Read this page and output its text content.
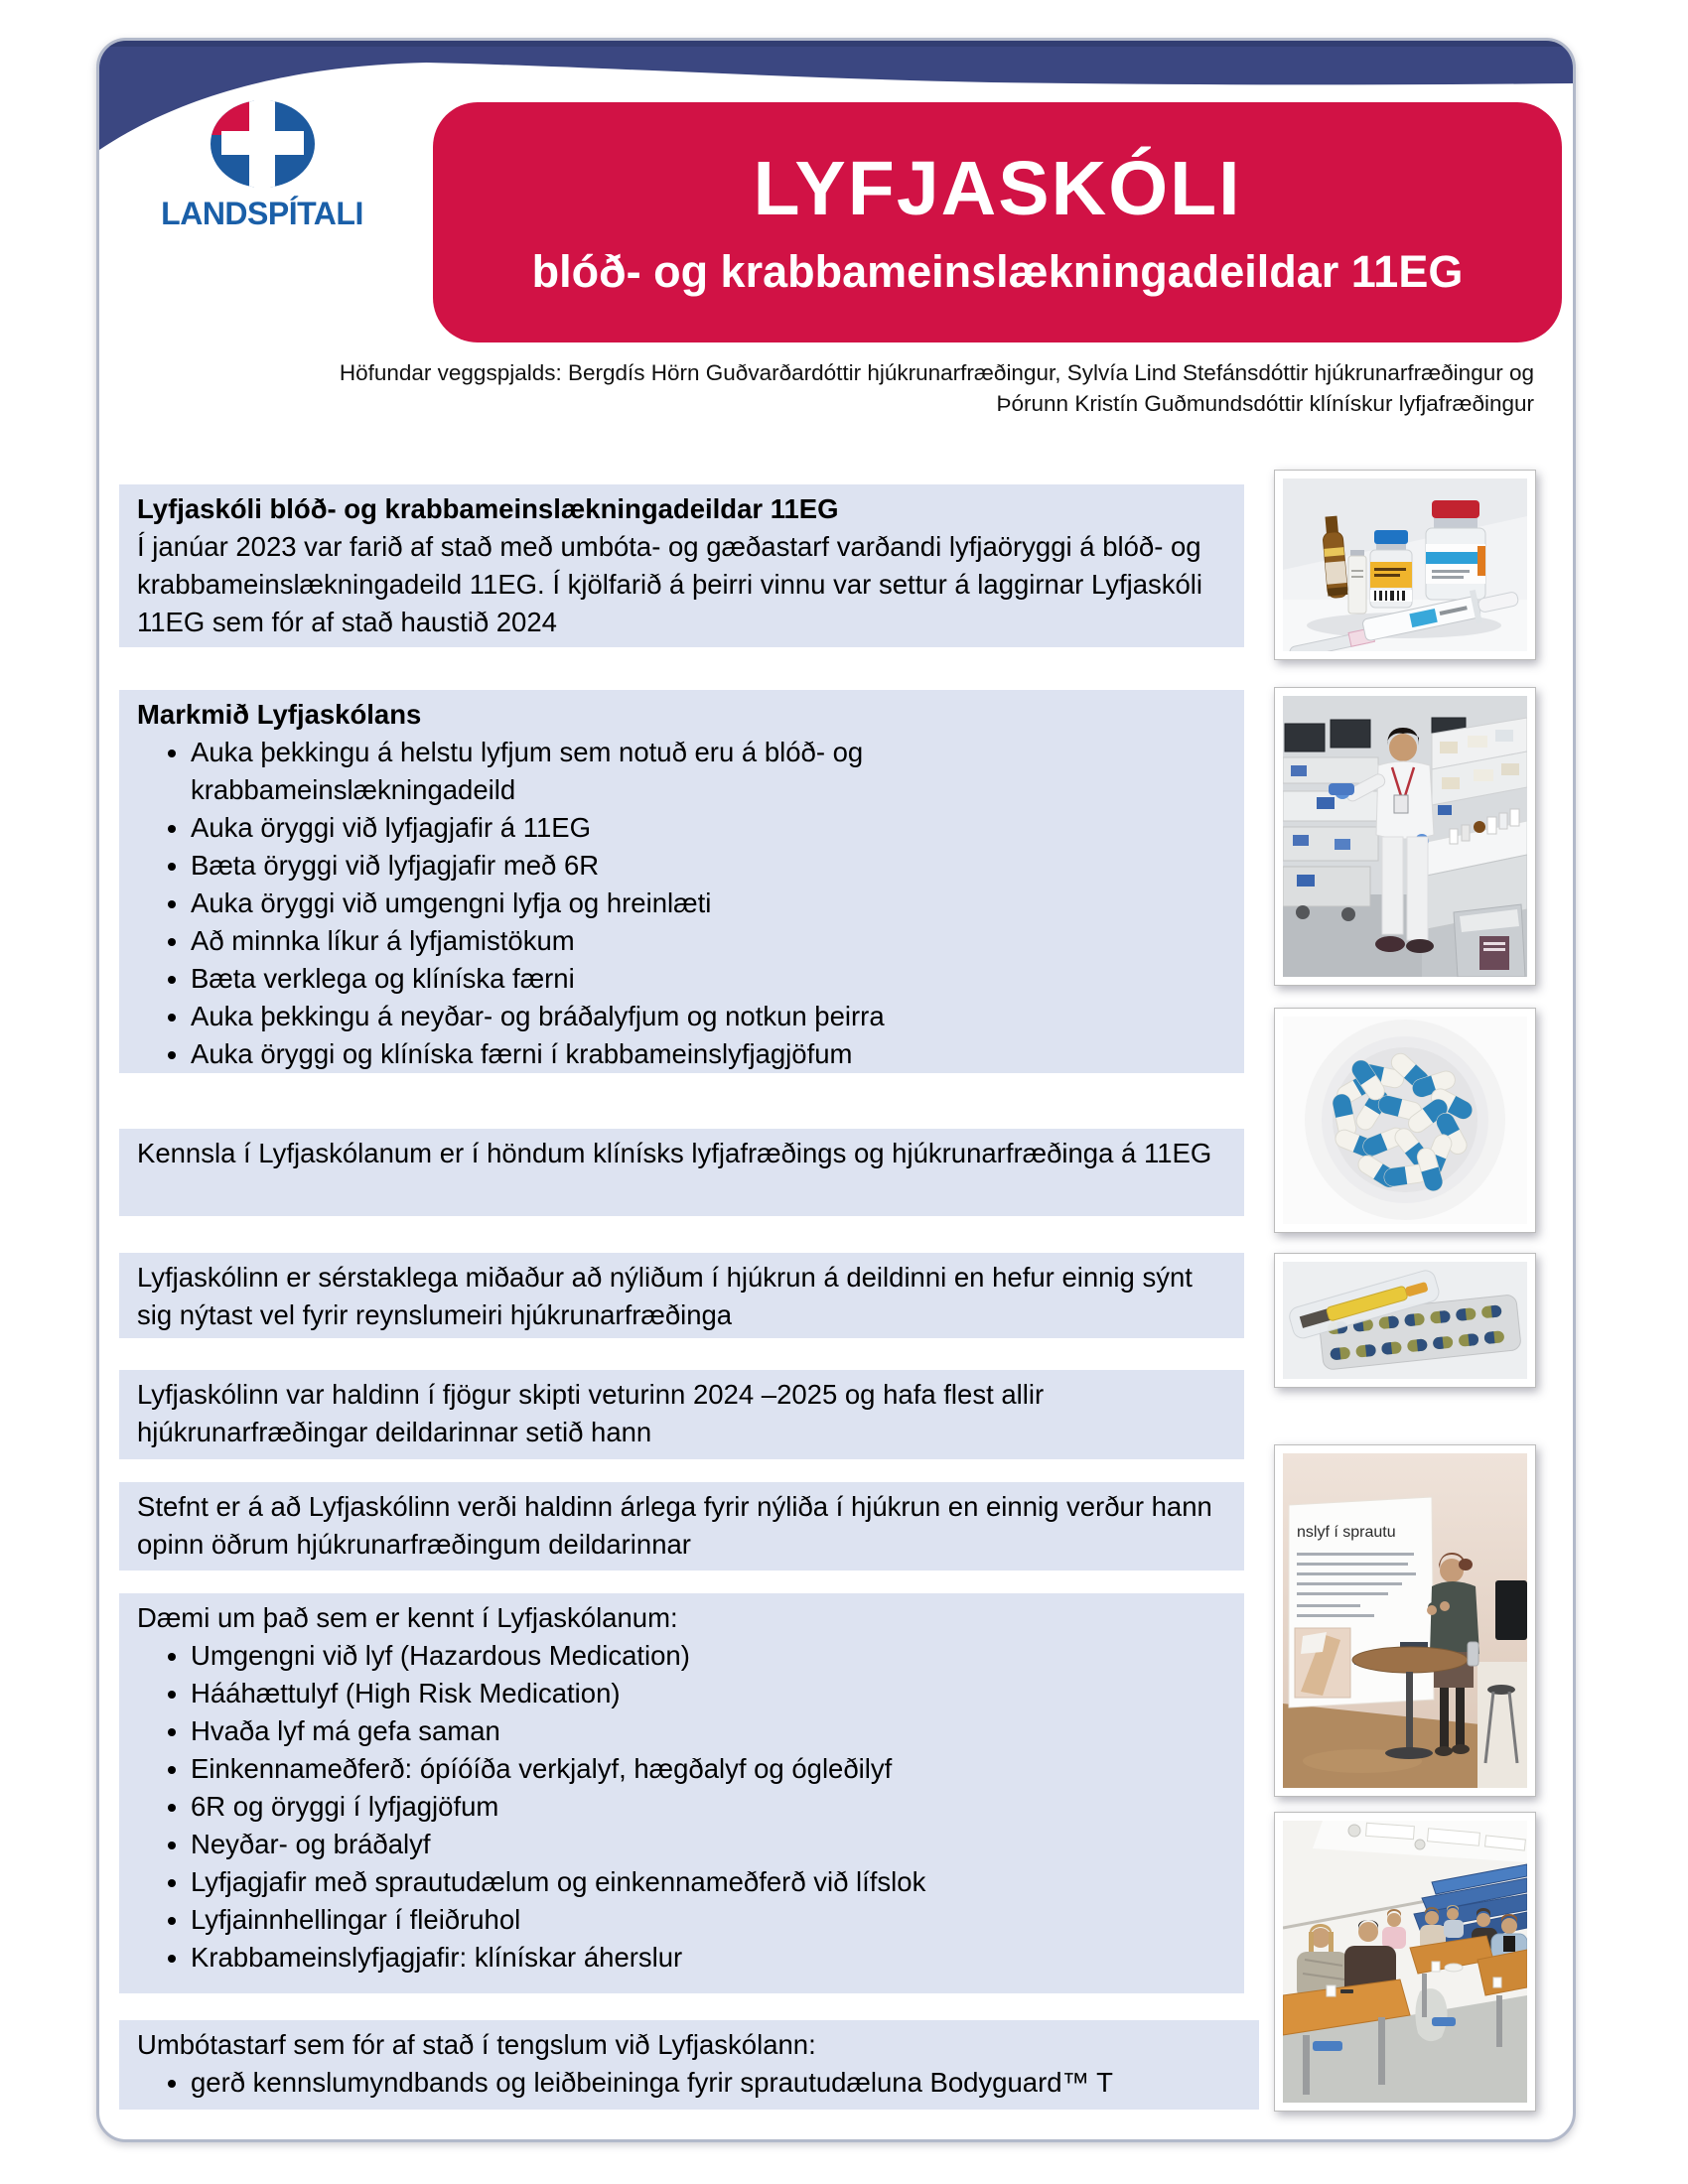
LANDSPÍTALI	LYFJASKÓLI
blóð- og krabbameinslækningadeildar 11EG
Höfundar veggspjalds: Bergdís Hörn Guðvarðardóttir hjúkrunarfræðingur, Sylvía Lind Stefánsdóttir hjúkrunarfræðingur og
Þórunn Kristín Guðmundsdóttir klínískur lyfjafræðingur
Lyfjaskóli blóð- og krabbameinslækningadeildar 11EG
Í janúar 2023 var farið af stað með umbóta- og gæðastarf varðandi lyfjaöryggi á blóð- og krabbameinslækningadeild 11EG. Í kjölfarið á þeirri vinnu var settur á laggirnar Lyfjaskóli 11EG sem fór af stað haustið 2024
Markmið Lyfjaskólans
• Auka þekkingu á helstu lyfjum sem notuð eru á blóð- og krabbameinslækningadeild
• Auka öryggi við lyfjagjafir á 11EG
• Bæta öryggi við lyfjagjafir með 6R
• Auka öryggi við umgengni lyfja og hreinlæti
• Að minnka líkur á lyfjamistökum
• Bæta verklega og klíníska færni
• Auka þekkingu á neyðar- og bráðalyfjum og notkun þeirra
• Auka öryggi og klíníska færni í krabbameinslyfjagjöfum
Kennsla í Lyfjaskólanum er í höndum klínísks lyfjafræðings og hjúkrunarfræðinga á 11EG
Lyfjaskólinn er sérstaklega miðaður að nýliðum í hjúkrun á deildinni en hefur einnig sýnt sig nýtast vel fyrir reynslumeiri hjúkrunarfræðinga
Lyfjaskólinn var haldinn í fjögur skipti veturinn 2024 –2025 og hafa flest allir hjúkrunarfræðingar deildarinnar setið hann
Stefnt er á að Lyfjaskólinn verði haldinn árlega fyrir nýliða í hjúkrun en einnig verður hann opinn öðrum hjúkrunarfræðingum deildarinnar
Dæmi um það sem er kennt í Lyfjaskólanum:
• Umgengni við lyf (Hazardous Medication)
• Hááhættulyf (High Risk Medication)
• Hvaða lyf má gefa saman
• Einkennameðferð: ópíóíða verkjalyf, hægðalyf og ógleðilyf
• 6R og öryggi í lyfjagjöfum
• Neyðar- og bráðalyf
• Lyfjagjafir með sprautudælum og einkennameðferð við lífslok
• Lyfjainnhellingar í fleiðruhol
• Krabbameinslyfjagjafir: klínískar áherslur
Umbótastarf sem fór af stað í tengslum við Lyfjaskólann:
• gerð kennslumyndbands og leiðbeininga fyrir sprautudæluna Bodyguard™ T
nslyf í sprautu
